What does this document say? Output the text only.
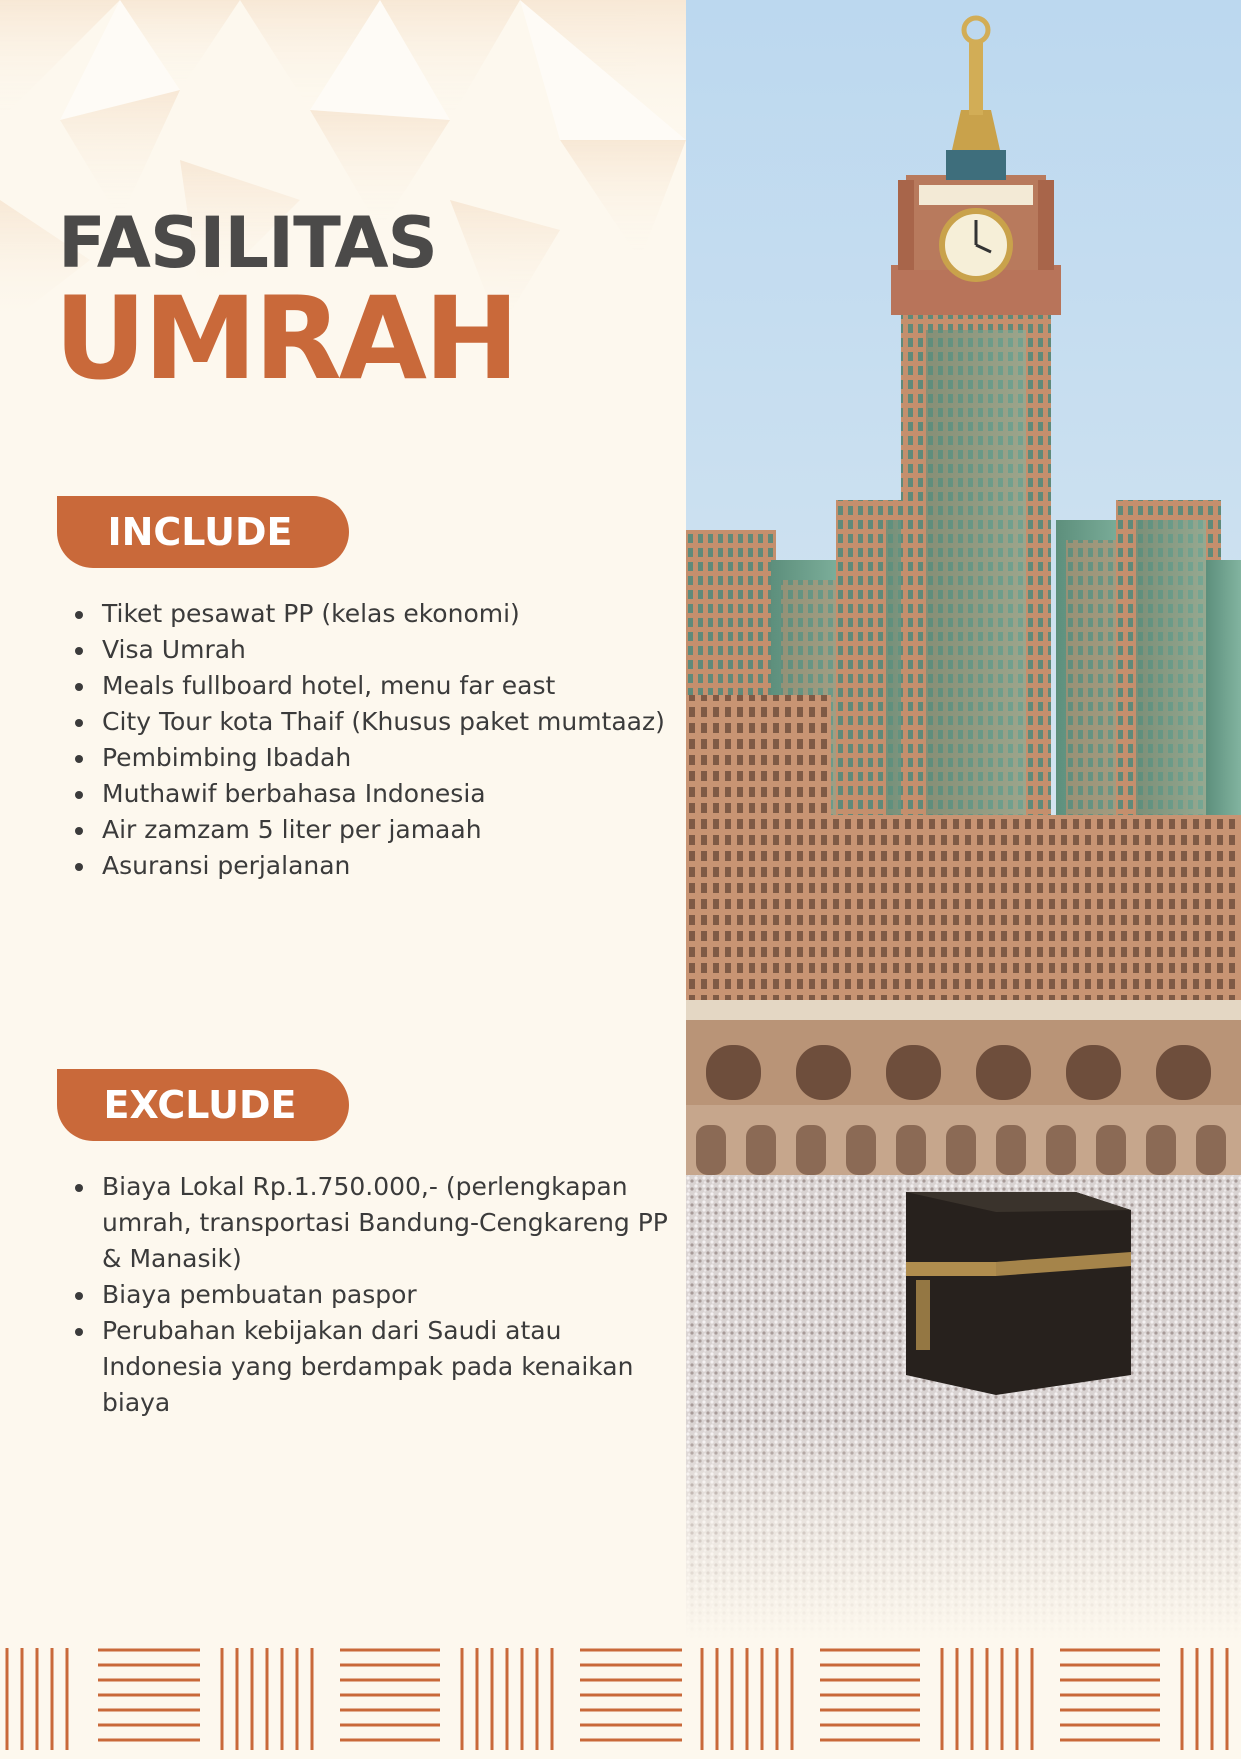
FASILITAS
UMRAH
INCLUDE
Tiket pesawat PP (kelas ekonomi)
Visa Umrah
Meals fullboard hotel, menu far east
City Tour kota Thaif (Khusus paket mumtaaz)
Pembimbing Ibadah
Muthawif berbahasa Indonesia
Air zamzam 5 liter per jamaah
Asuransi perjalanan
EXCLUDE
Biaya Lokal Rp.1.750.000,- (perlengkapan umrah, transportasi Bandung-Cengkareng PP & Manasik)
Biaya pembuatan paspor
Perubahan kebijakan dari Saudi atau Indonesia yang berdampak pada kenaikan biaya
